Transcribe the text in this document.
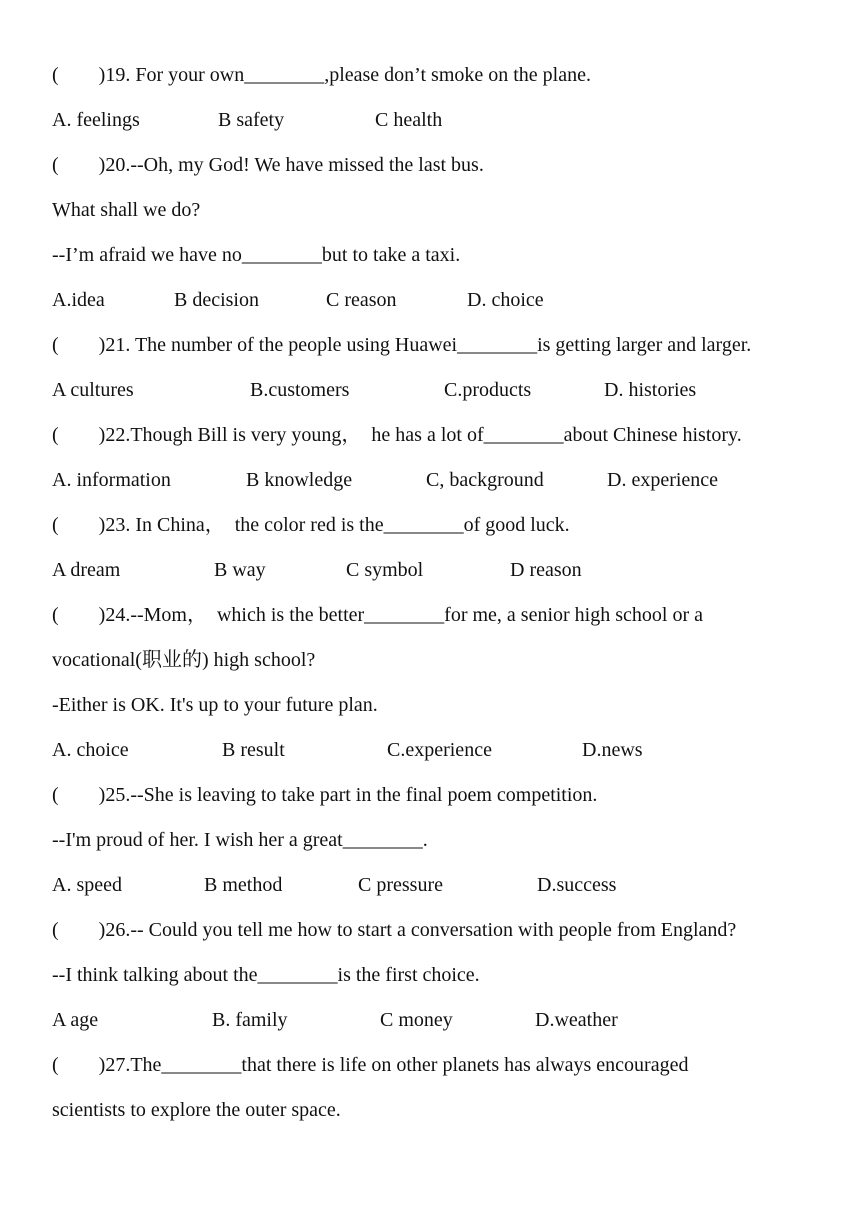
(        )19. For your own________,please don’t smoke on the plane.
A. feelings	B safety	C health
(        )20.--Oh, my God! We have missed the last bus.
What shall we do?
--I’m afraid we have no________but to take a taxi.
A.idea	B decision	C reason	D. choice
(        )21. The number of the people using Huawei________is getting larger and larger.
A cultures	B.customers	C.products	D. histories
(        )22.Though Bill is very young，  he has a lot of________about Chinese history.
A. information	B knowledge	C, background	D. experience
(        )23. In China，  the color red is the________of good luck.
A dream	B way	C symbol	D reason
(        )24.--Mom，  which is the better________for me, a senior high school or a
vocational(职业的) high school?
-Either is OK. It's up to your future plan.
A. choice	B result	C.experience	D.news
(        )25.--She is leaving to take part in the final poem competition.
--I'm proud of her. I wish her a great________.
A. speed	B method	C pressure	D.success
(        )26.-- Could you tell me how to start a conversation with people from England?
--I think talking about the________is the first choice.
A age	B. family	C money	D.weather
(        )27.The________that there is life on other planets has always encouraged
scientists to explore the outer space.
